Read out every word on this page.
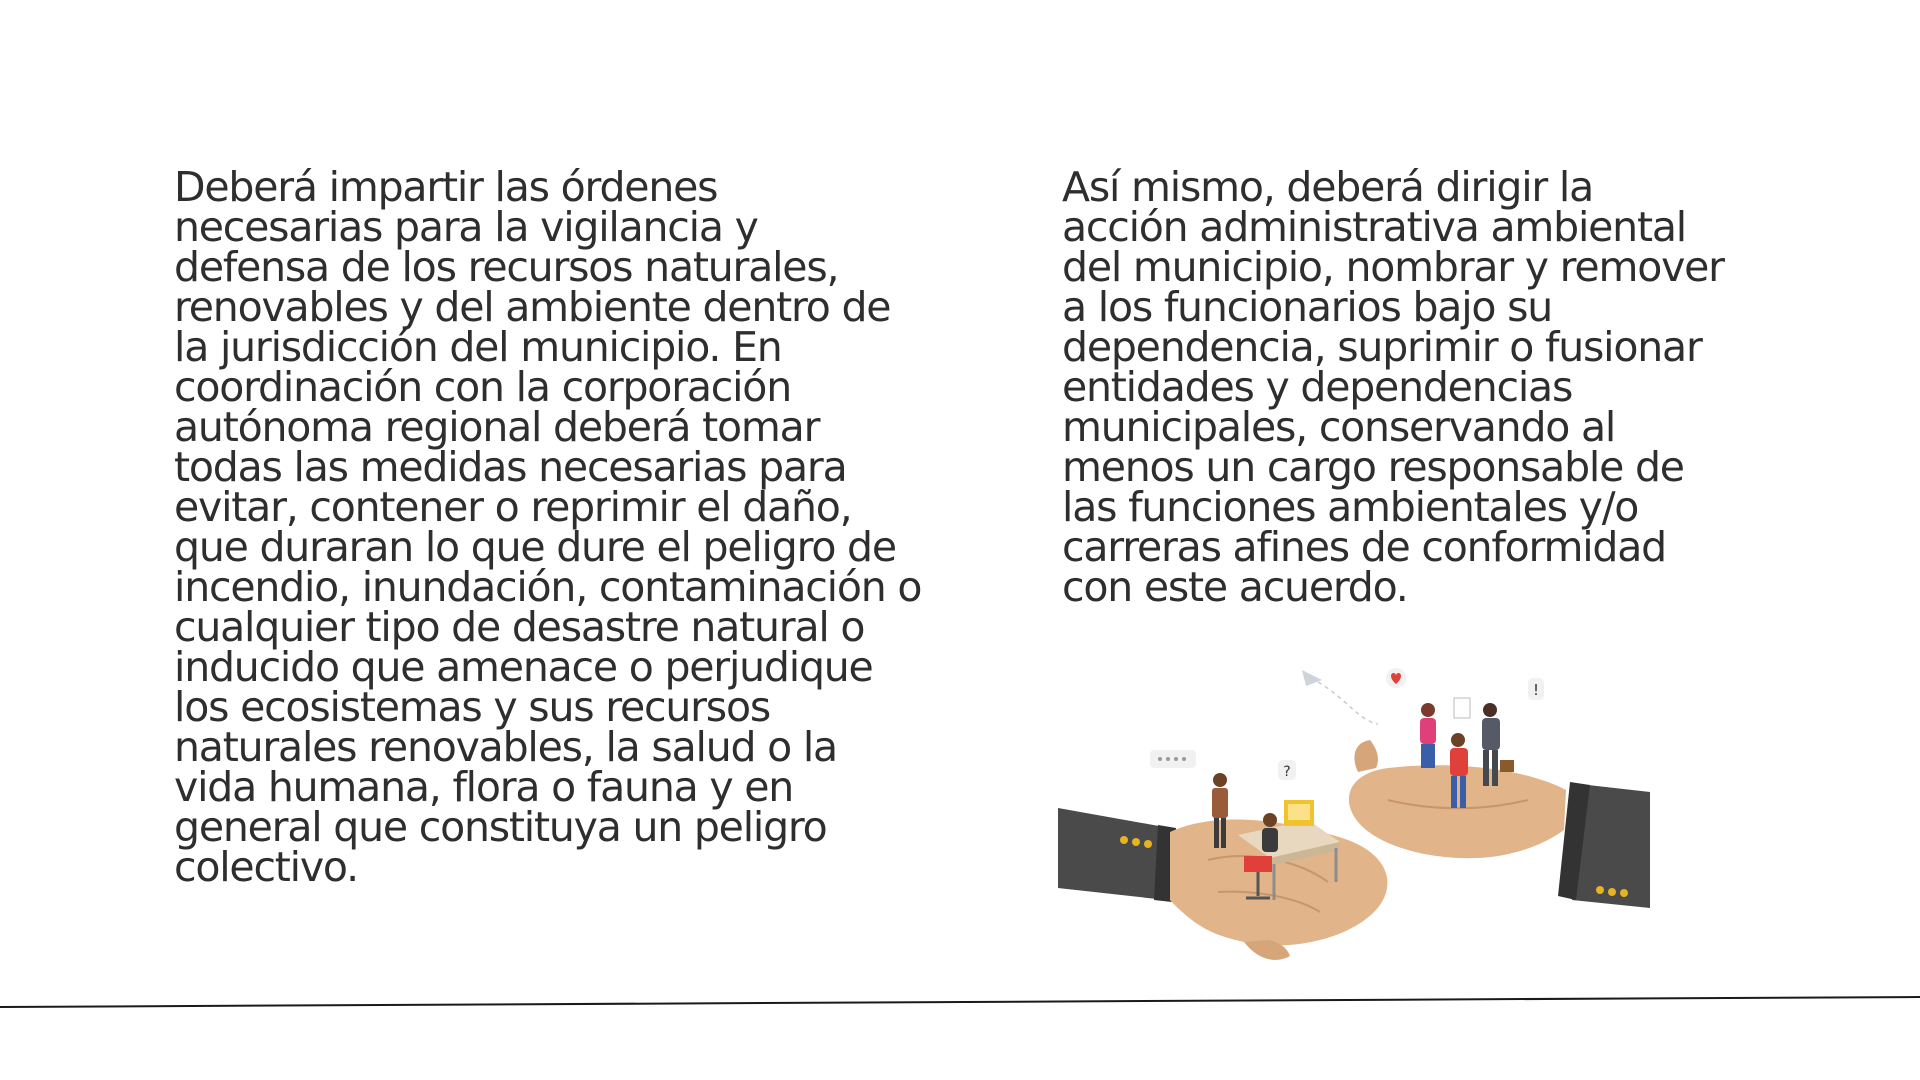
Deberá impartir las órdenes
necesarias para la vigilancia y
defensa de los recursos naturales,
renovables y del ambiente dentro de
la jurisdicción del municipio. En
coordinación con la corporación
autónoma regional deberá tomar
todas las medidas necesarias para
evitar, contener o reprimir el daño,
que duraran lo que dure el peligro de
incendio, inundación, contaminación o
cualquier tipo de desastre natural o
inducido que amenace o perjudique
los ecosistemas y sus recursos
naturales renovables, la salud o la
vida humana, flora o fauna y en
general que constituya un peligro
colectivo.

Así mismo, deberá dirigir la
acción administrativa ambiental
del municipio, nombrar y remover
a los funcionarios bajo su
dependencia, suprimir o fusionar
entidades y dependencias
municipales, conservando al
menos un cargo responsable de
las funciones ambientales y/o
carreras afines de conformidad
con este acuerdo.

?
!
